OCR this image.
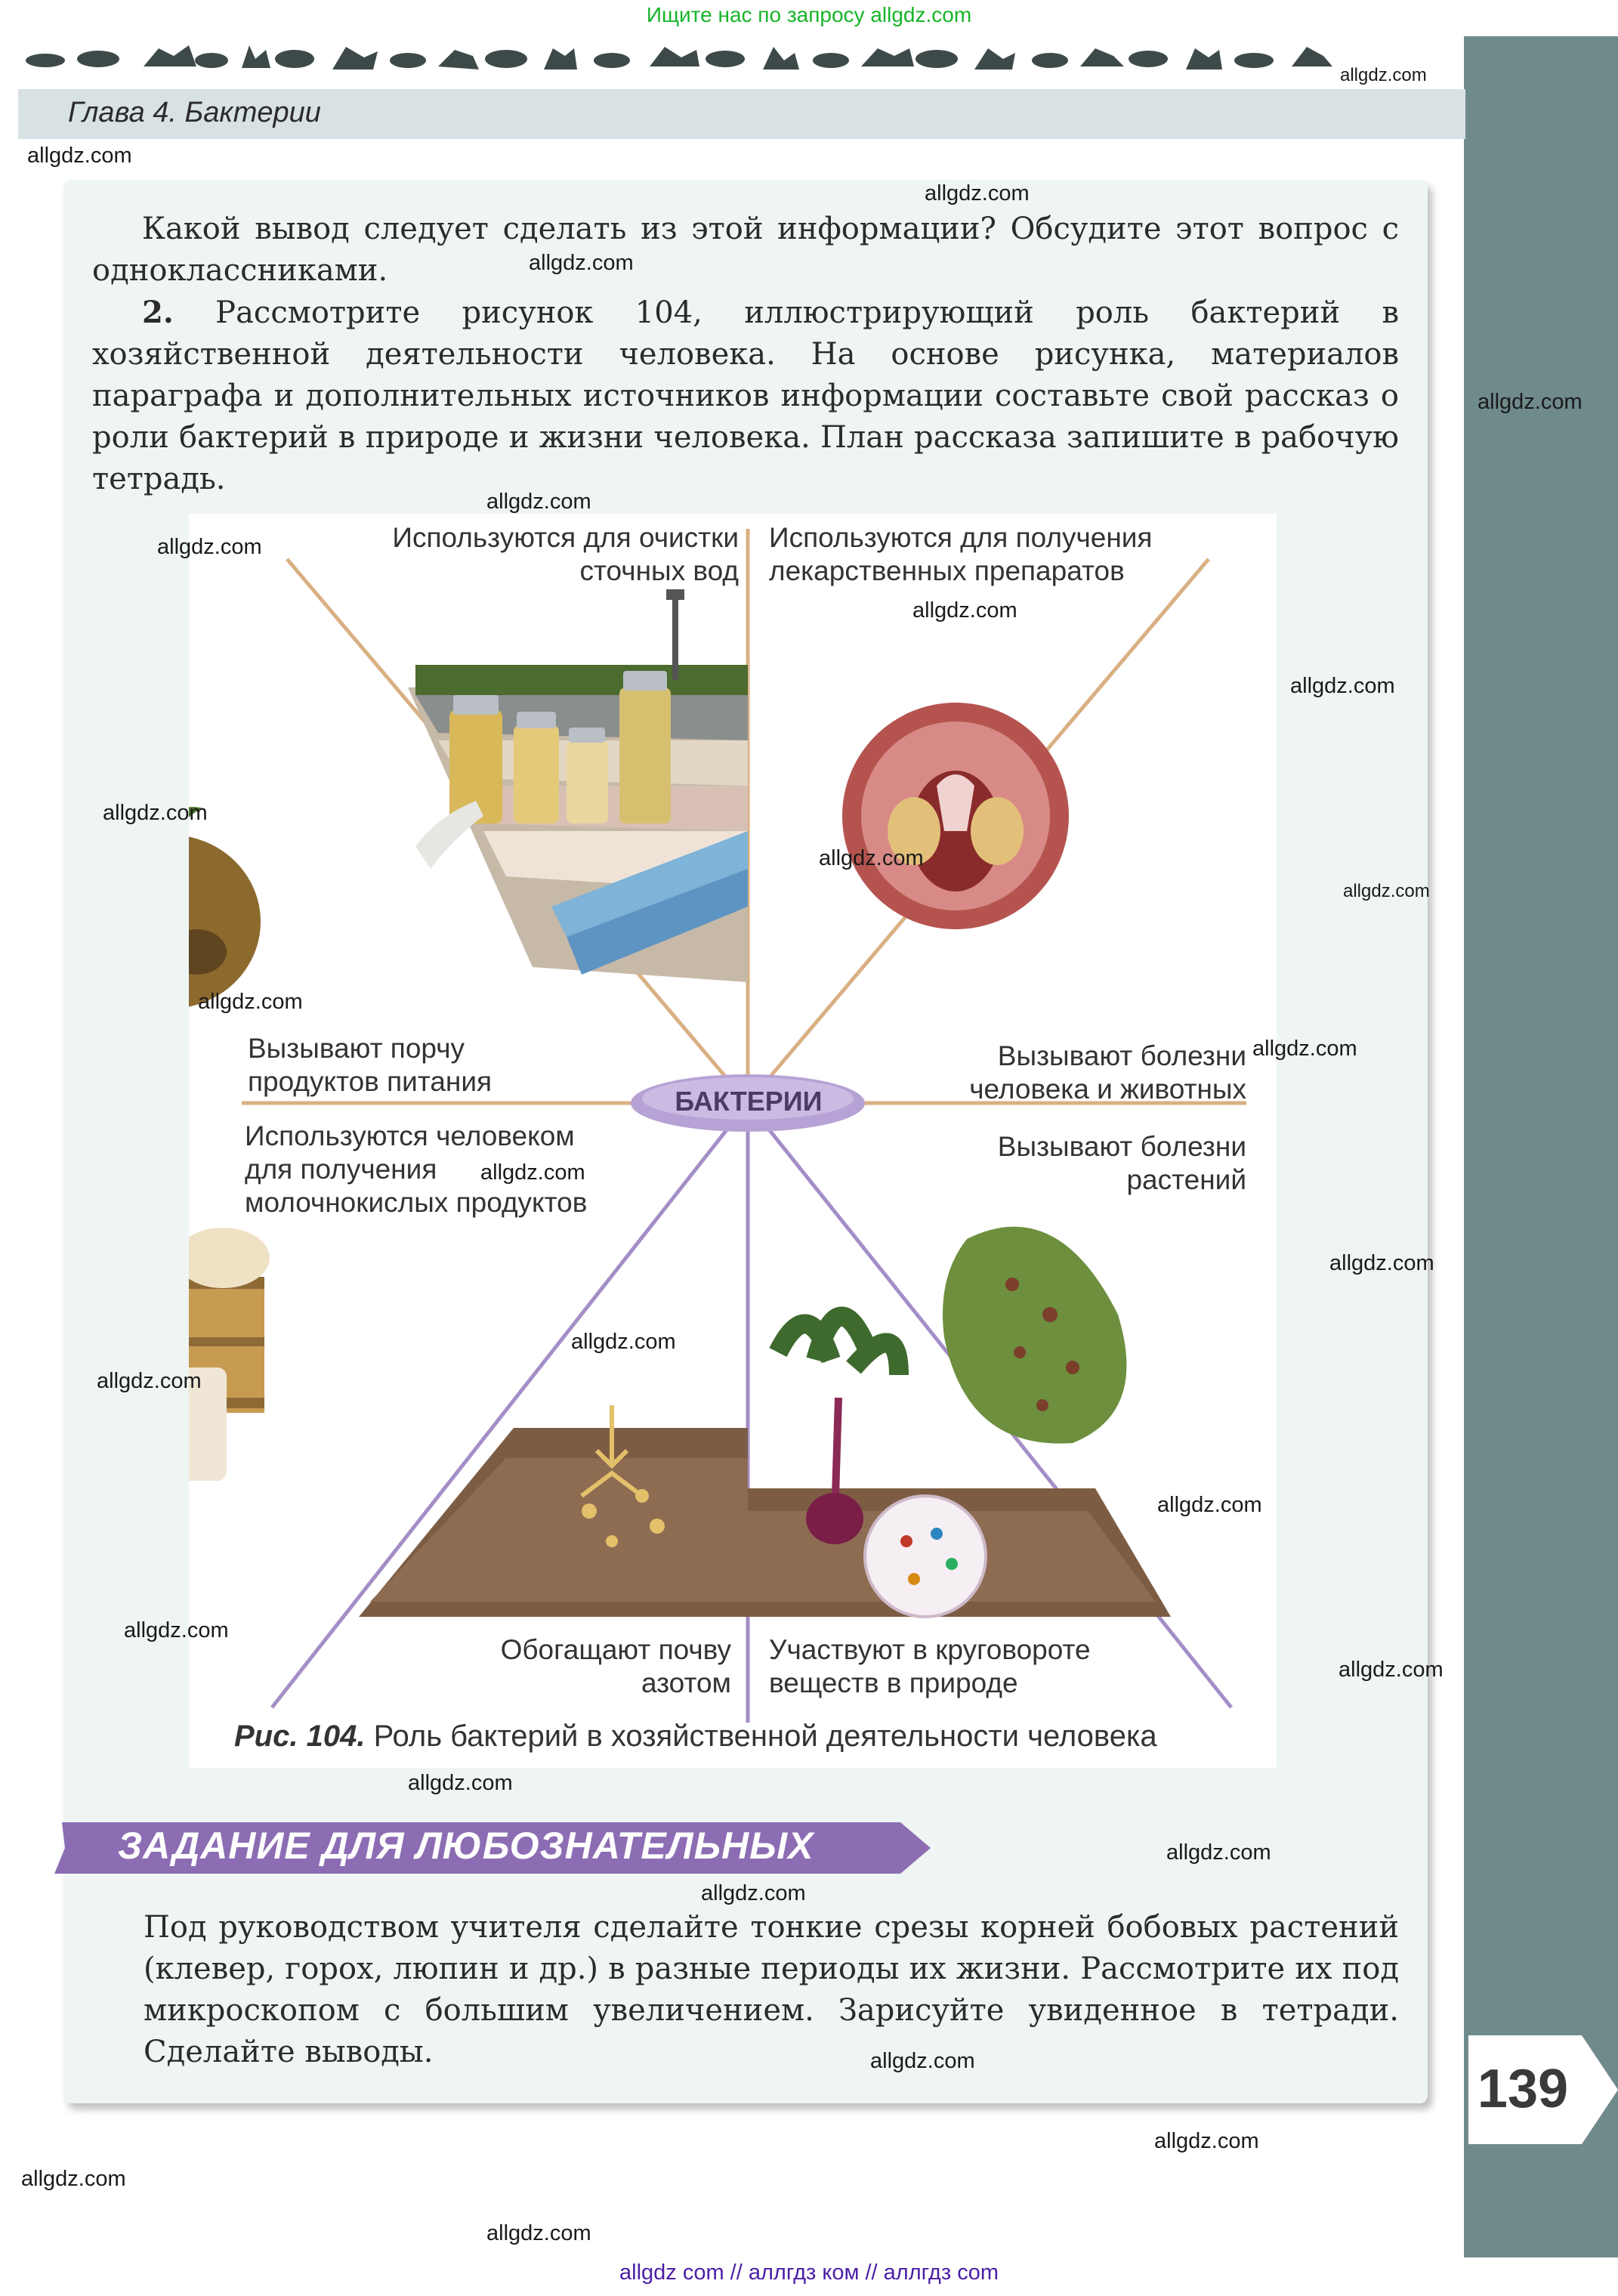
Ищите нас по запросу allgdz.com
Глава 4. Бактерии
Какой вывод следует сделать из этой информации? Обсудите этот вопрос с одноклассниками.
2. Рассмотрите рисунок 104, иллюстрирующий роль бактерий в хозяйственной деятельности человека. На основе рисунка, материалов параграфа и дополнительных источников информации составьте свой рассказ о роли бактерий в природе и жизни человека. План рассказа запишите в рабочую тетрадь.
Используются для очистки
сточных вод
Используются для получения
лекарственных препаратов
Вызывают порчу
продуктов питания
Вызывают болезни
человека и животных
БАКТЕРИИ
Используются человеком
для получения
молочнокислых продуктов
Вызывают болезни
растений
Обогащают почву
азотом
Участвуют в круговороте
веществ в природе
Рис. 104. Роль бактерий в хозяйственной деятельности человека
ЗАДАНИЕ ДЛЯ ЛЮБОЗНАТЕЛЬНЫХ
Под руководством учителя сделайте тонкие срезы корней бобовых растений (клевер, горох, люпин и др.) в разные периоды их жизни. Рассмотрите их под микроскопом с большим увеличением. Зарисуйте увиденное в тетради. Сделайте выводы.
139
allgdz.com
allgdz.com
allgdz.com
allgdz.com
allgdz.com
allgdz.com
allgdz.com
allgdz.com
allgdz.com
allgdz.com
allgdz.com
allgdz.com
allgdz.com
allgdz.com
allgdz.com
allgdz.com
allgdz.com
allgdz.com
allgdz.com
allgdz.com
allgdz.com
allgdz.com
allgdz.com
allgdz.com
allgdz.com
allgdz.com
allgdz.com
allgdz.com
allgdz com // аллгдз ком // аллгдз com
